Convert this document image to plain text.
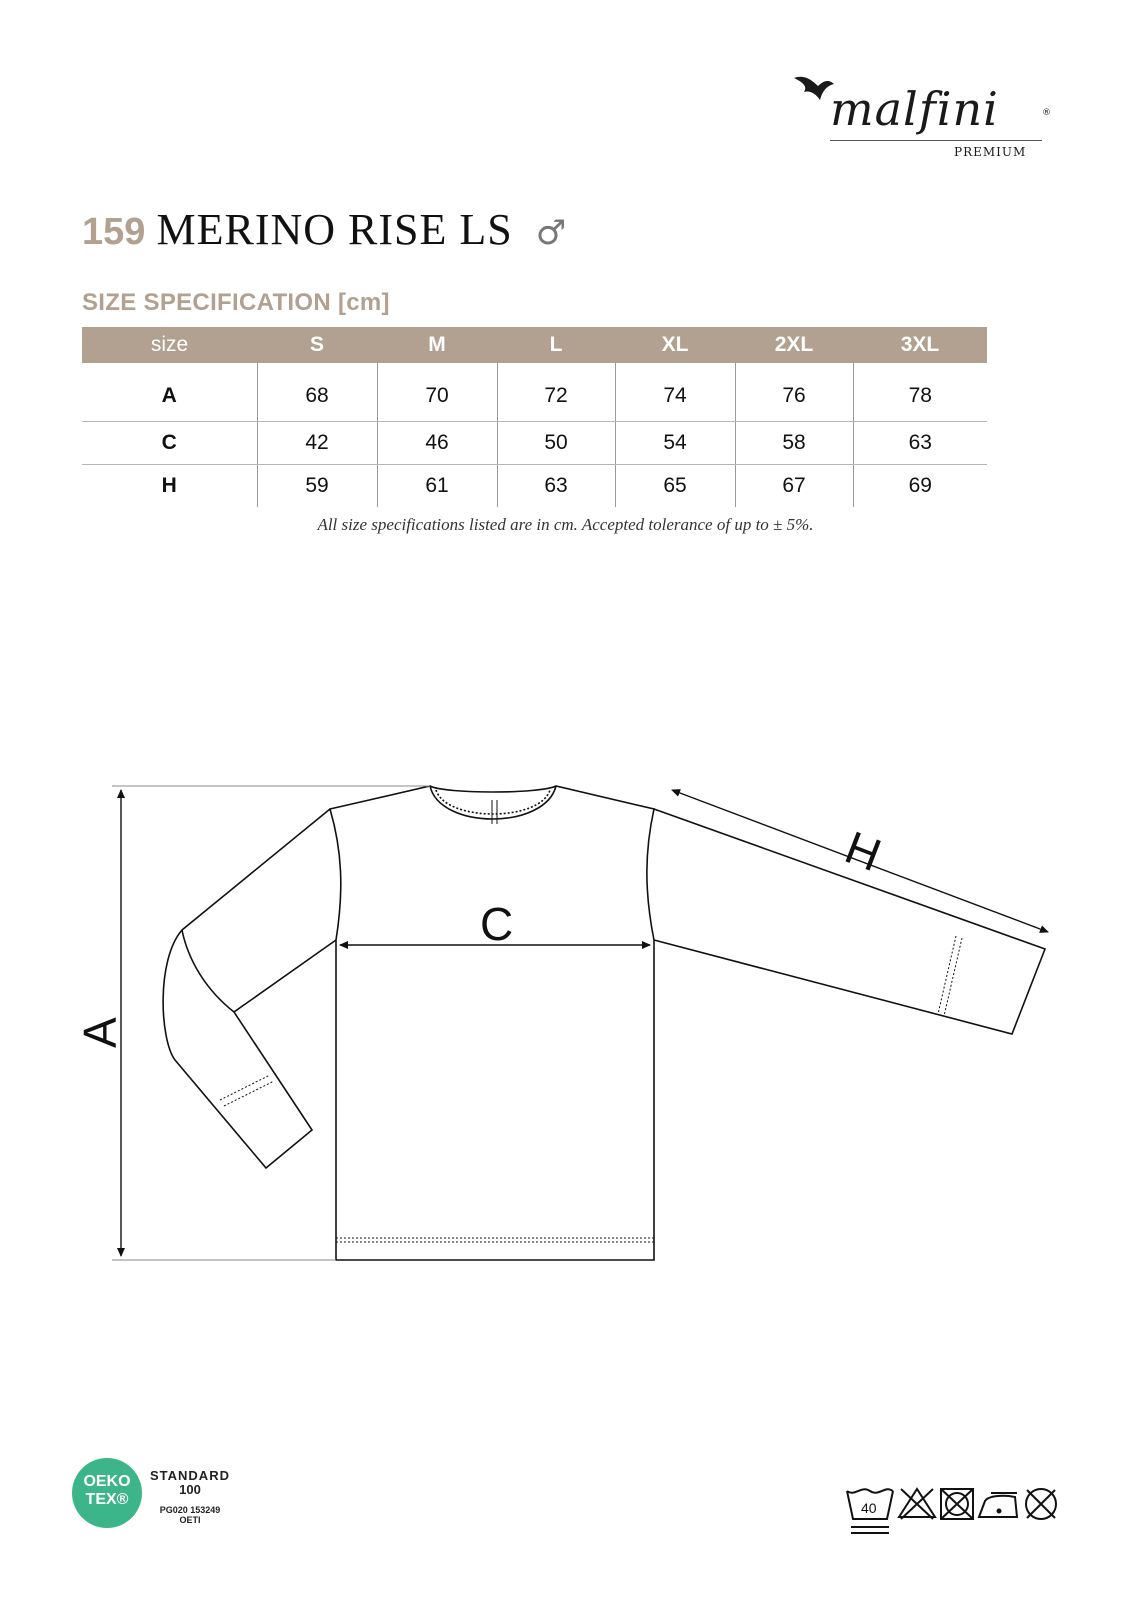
malfini	®
PREMIUM
159 MERINO RISE LS ♂
SIZE SPECIFICATION [cm]
size	S	M	L	XL	2XL	3XL
A	68	70	72	74	76	78
C	42	46	50	54	58	63
H	59	61	63	65	67	69
All size specifications listed are in cm. Accepted tolerance of up to ± 5%.
A
C
H
OEKO
TEX®
STANDARD
100
PG020 153249
OETI
40
